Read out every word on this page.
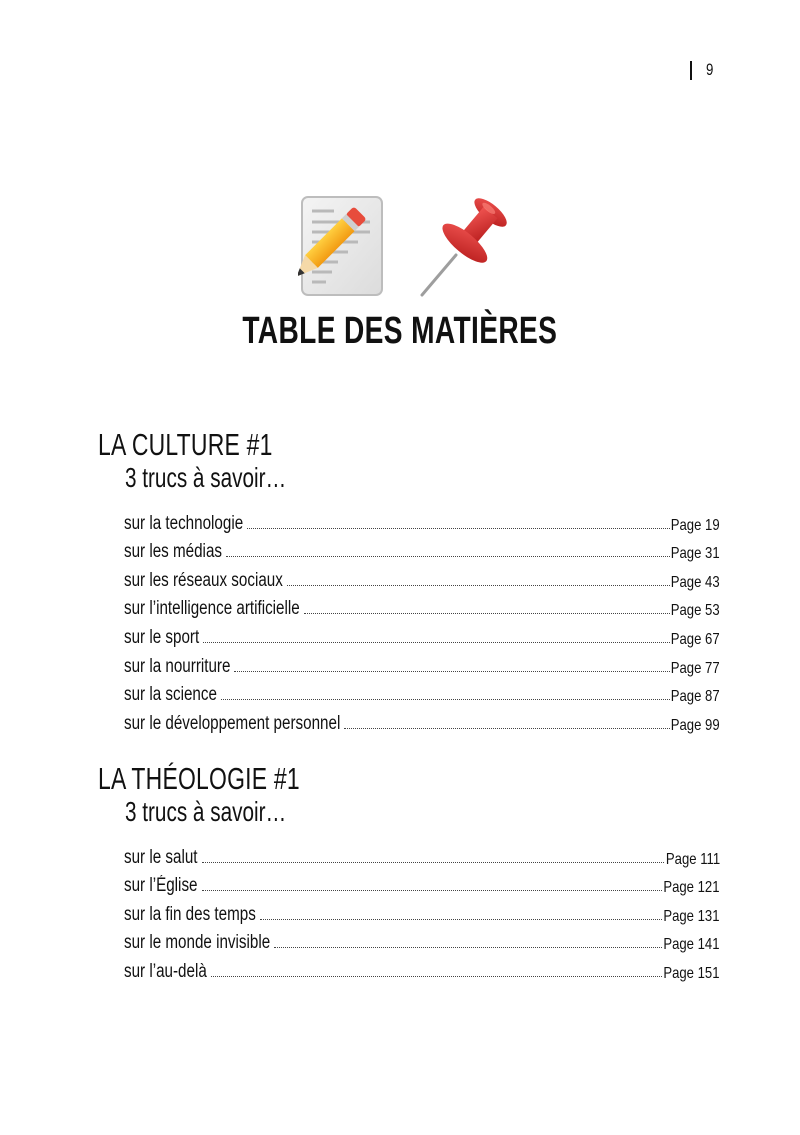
9
TABLE DES MATIÈRES
LA CULTURE #1
3 trucs à savoir…
sur la technologie	Page 19
sur les médias	Page 31
sur les réseaux sociaux	Page 43
sur l’intelligence artificielle	Page 53
sur le sport	Page 67
sur la nourriture	Page 77
sur la science	Page 87
sur le développement personnel	Page 99
LA THÉOLOGIE #1
3 trucs à savoir…
sur le salut	Page 111
sur l’Église	Page 121
sur la fin des temps	Page 131
sur le monde invisible	Page 141
sur l’au-delà	Page 151
